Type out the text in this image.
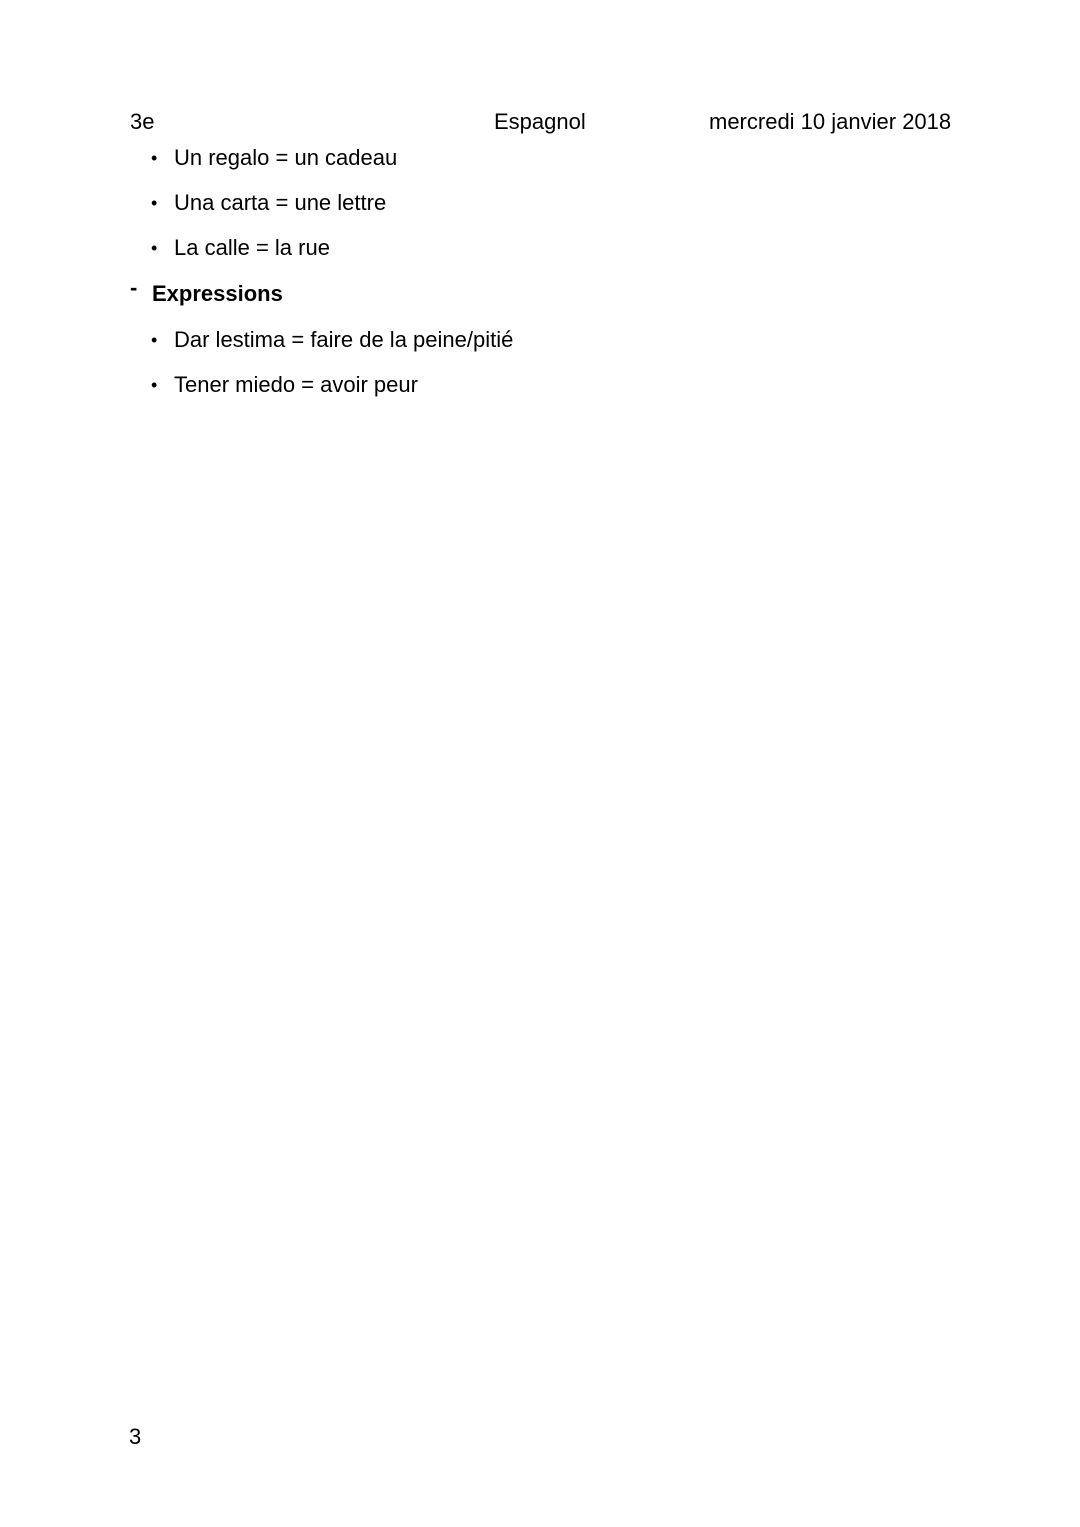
3e	Espagnol	mercredi 10 janvier 2018
• Un regalo = un cadeau
• Una carta = une lettre
• La calle = la rue
- Expressions
• Dar lestima = faire de la peine/pitié
• Tener miedo = avoir peur
3
